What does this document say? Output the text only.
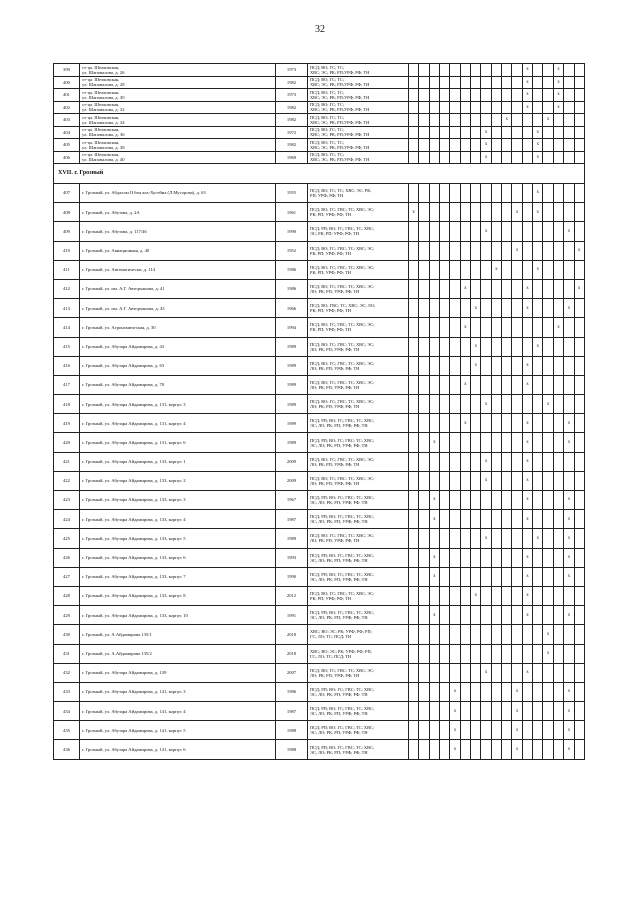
32
399	ст-ца. Шелковская,
ул. Шаповалова, д. 26	1973	ПСД; ВО; ГС; ТС;
ХВС; ЭС; РК; РП;УРФ; РФ; ТН												x			x		
400	ст-ца. Шелковская,
ул. Шаповалова, д. 28	1982	ПСД; ВО; ГС; ТС;
ХВС; ЭС; РК; РП;УРФ; РФ; ТН												x			x		
401	ст-ца. Шелковская,
ул. Шаповалова, д. 30	1973	ПСД; ВО; ГС; ТС;
ХВС; ЭС; РК; РП;УРФ; РФ; ТН												x			x		
402	ст-ца. Шелковская,
ул. Шаповалова, д. 32	1982	ПСД; ВО; ГС; ТС;
ХВС; ЭС; РК; РП;УРФ; РФ; ТН												x			x		
403	ст-ца. Шелковская,
ул. Шаповалова, д. 34	1982	ПСД; ВО; ГС; ТС;
ХВС; ЭС; РК; РП;УРФ; РФ; ТН										x				x			
404	ст-ца. Шелковская,
ул. Шаповалова, д. 36	1972	ПСД; ВО; ГС; ТС;
ХВС; ЭС; РК; РП;УРФ; РФ; ТН								x					x				
405	ст-ца. Шелковская,
ул. Шаповалова, д. 38	1982	ПСД; ВО; ГС; ТС;
ХВС; ЭС; РК; РП;УРФ; РФ; ТН								x					x				
406	ст-ца. Шелковская,
ул. Шаповалова, д. 40	1969	ПСД; ВО; ГС; ТС;
ХВС; ЭС; РК; РП;УРФ; РФ; ТН								x					x				
XVII. г. Грозный																				
407	г. Грозный, ул. Абдаллы II бен аль-Хусейна (Л.Мусорова), д. 63	1955	ПСД; ВО; ГС; ТС; ХВС; ЭС; РК;
РП; УРФ; РФ; ТН													x				
408	г. Грозный, ул. Абузова, д. 2А	1961	ПСД; ВО; ГС; ГВС; ТС; ХВС; ЭС;
РК; РП; УРФ; РФ; ТН	x										x		x				
409	г. Грозный, ул. Абузова, д. 117/46	1990	ПСД; РП; ВО; ГС; ГВС; ТС; ХВС;
ЭС; РК; РП; УРФ; РФ; ТН								x								x	
410	г. Грозный, ул. Авиационная, д. 40	1952	ПСД; ВО; ГС; ГВС; ТС; ХВС; ЭС;
РК; РП; УРФ; РФ; ТН											x						x
411	г. Грозный, ул. Автомагически, д. 114	1986	ПСД; ВО; ГС; ГВС; ТС; ХВС; ЭС;
РК; РП; УРФ; РФ; ТН									x				x				
412	г. Грозный, ул. им. А.Г. Авторханова, д. 41	1986	ПСД; ВО; ГС; ГВС; ТС; ХВС; ЭС;
ЛО; РК; РП; УРФ; РФ; ТН						x						x					x
413	г. Грозный, ул. им. А.Г. Авторханова, д. 43	1966	ПСД; ВО; ГВС; ТС; ХВС; ЭС; ЛО;
РК; РП; УРФ; РФ; ТН							x					x				x	
414	г. Грозный, ул. Агрономическая, д. 30	1994	ПСД; ВО; ГС; ГВС; ТС; ХВС; ЭС;
РК; РП; УРФ; РФ; ТН						x									x		
415	г. Грозный, ул. Абузара Айдамирова, д. 43	1989	ПСД; ВО; ГС; ГВС; ТС; ХВС; ЭС;
ЛО; РК; РП; УРФ; РФ; ТН							x						x				
416	г. Грозный, ул. Абузара Айдамирова, д. 63	1989	ПСД; ВО; ГС; ГВС; ТС; ХВС; ЭС;
ЛО; РК; РП; УРФ; РФ; ТН							x					x					
417	г. Грозный, ул. Абузара Айдамирова, д. 70	1989	ПСД; ВО; ГС; ГВС; ТС; ХВС; ЭС;
ЛО; РК; РП; УРФ; РФ; ТН						x						x					
418	г. Грозный, ул. Абузара Айдамирова, д. 131, корпус 3	1989	ПСД; ВО; ГС; ГВС; ТС; ХВС; ЭС;
ЛО; РК; РП; УРФ; РФ; ТН								x						x			
419	г. Грозный, ул. Абузара Айдамирова, д. 131, корпус 4	1989	ПСД; РП; ВО; ГС; ГВС; ТС; ХВС;
ЭС; ЛО; РК; РП; УРФ; РФ; ТН						x						x				x	
420	г. Грозный, ул. Абузара Айдамирова, д. 131, корпус 6	1989	ПСД; РП; ВО; ГС; ГВС; ТС; ХВС;
ЭС; ЛО; РК; РП; УРФ; РФ; ТН			x									x				x	
421	г. Грозный, ул. Абузара Айдамирова, д. 133, корпус 1	2009	ПСД; ВО; ГС; ГВС; ТС; ХВС; ЭС;
ЛО; РК; РП; УРФ; РФ; ТН								x				x					
422	г. Грозный, ул. Абузара Айдамирова, д. 133, корпус 2	2009	ПСД; ВО; ГС; ГВС; ТС; ХВС; ЭС;
ЛО; РК; РП; УРФ; РФ; ТН								x				x					
423	г. Грозный, ул. Абузара Айдамирова, д. 133, корпус 3	1967	ПСД; РП; ВО; ГС; ГВС; ТС; ХВС;
ЭС; ЛО; РК; РП; УРФ; РФ; ТН			x									x				x	
424	г. Грозный, ул. Абузара Айдамирова, д. 133, корпус 4	1987	ПСД; РП; ВО; ГС; ГВС; ТС; ХВС;
ЭС; ЛО; РК; РП; УРФ; РФ; ТН			x									x				x	
425	г. Грозный, ул. Абузара Айдамирова, д. 133, корпус 5	1989	ПСД; ВО; ГС; ГВС; ТС; ХВС; ЭС;
ЛО; РК; РП; УРФ; РФ; ТН								x					x			x	
426	г. Грозный, ул. Абузара Айдамирова, д. 133, корпус 6	1993	ПСД; РП; ВО; ГС; ГВС; ТС; ХВС;
ЭС; ЛО; РК; РП; УРФ; РФ; ТН			x									x				x	
427	г. Грозный, ул. Абузара Айдамирова, д. 133, корпус 7	1990	ПСД; РП; ВО; ГС; ГВС; ТС; ХВС;
ЭС; ЛО; РК; РП; УРФ; РФ; ТН			x									x				x	
428	г. Грозный, ул. Абузара Айдамирова, д. 133, корпус 8	2012	ПСД; ВО; ГС; ГВС; ТС; ХВС; ЭС;
РК; РП; УРФ; РФ; ТН							x					x					
429	г. Грозный, ул. Абузара Айдамирова, д. 133, корпус 10	1991	ПСД; РП; ВО; ГС; ГВС; ТС; ХВС;
ЭС; ЛО; РК; РП; УРФ; РФ; ТН			x									x				x	
430	г. Грозный, ул. А.Айдамирова 135/1	2018	ХВС; ВО; ЭС; РК; УРФ; РФ; РП;
ГС; ЛО; ТС; ПСД; ТН														x			
431	г. Грозный, ул. А.Айдамирова 135/2	2018	ХВС; ВО; ЭС; РК; УРФ; РФ; РП;
ГС; ЛО; ТС; ПСД; ТН														x			
432	г. Грозный, ул. Абузара Айдамирова, д. 139	2007	ПСД; ВО; ГС; ГВС; ТС; ХВС; ЭС;
ЛО; РК; РП; УРФ; РФ; ТН								x				x					
433	г. Грозный, ул. Абузара Айдамирова, д. 141, корпус 3	1986	ПСД; РП; ВО; ГС; ГВС; ТС; ХВС;
ЭС; ЛО; РК; РП; УРФ; РФ; ТН					x						x					x	
434	г. Грозный, ул. Абузара Айдамирова, д. 141, корпус 4	1987	ПСД; РП; ВО; ГС; ГВС; ТС; ХВС;
ЭС; ЛО; РК; РП; УРФ; РФ; ТН					x						x					x	
435	г. Грозный, ул. Абузара Айдамирова, д. 141, корпус 5	1988	ПСД; РП; ВО; ГС; ГВС; ТС; ХВС;
ЭС; ЛО; РК; РП; УРФ; РФ; ТН					x						x					x	
436	г. Грозный, ул. Абузара Айдамирова, д. 141, корпус 6	1988	ПСД; РП; ВО; ГС; ГВС; ТС; ХВС;
ЭС; ЛО; РК; РП; УРФ; РФ; ТН					x						x					x	
